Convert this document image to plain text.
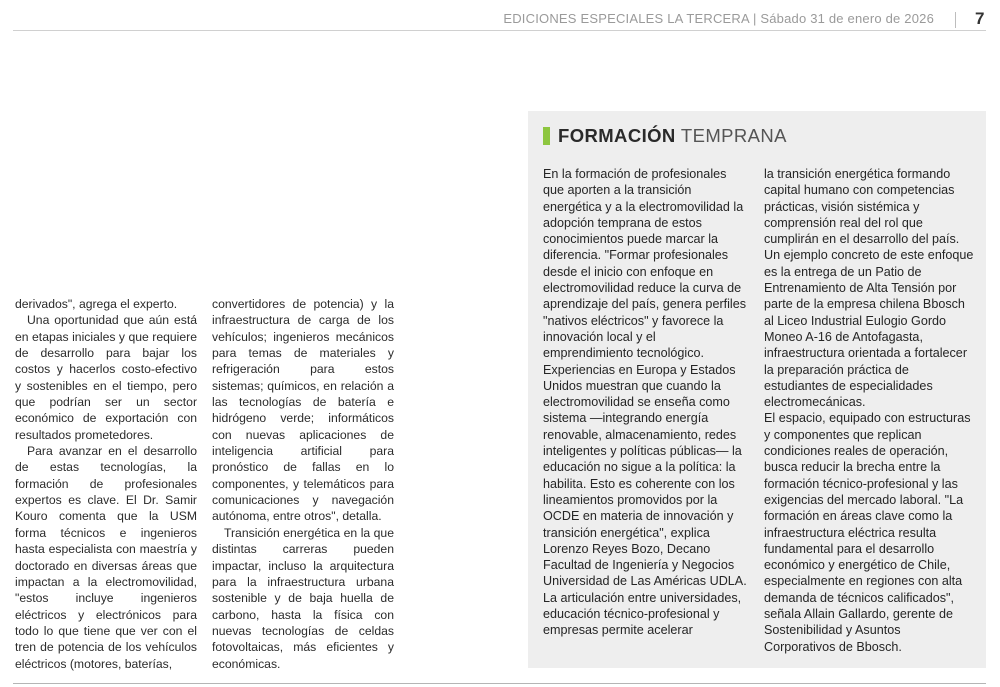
EDICIONES ESPECIALES LA TERCERA | Sábado 31 de enero de 2026 7

derivados", agrega el experto.

Una oportunidad que aún está en etapas iniciales y que requiere de desarrollo para bajar los costos y hacerlos costo-efectivo y sostenibles en el tiempo, pero que podrían ser un sector económico de exportación con resultados prometedores.

Para avanzar en el desarrollo de estas tecnologías, la formación de profesionales expertos es clave. El Dr. Samir Kouro comenta que la USM forma técnicos e ingenieros hasta especialista con maestría y doctorado en diversas áreas que impactan a la electromovilidad, "estos incluye ingenieros eléctricos y electrónicos para todo lo que tiene que ver con el tren de potencia de los vehículos eléctricos (motores, baterías,

convertidores de potencia) y la infraestructura de carga de los vehículos; ingenieros mecánicos para temas de materiales y refrigeración para estos sistemas; químicos, en relación a las tecnologías de batería e hidrógeno verde; informáticos con nuevas aplicaciones de inteligencia artificial para pronóstico de fallas en lo componentes, y telemáticos para comunicaciones y navegación autónoma, entre otros", detalla.

Transición energética en la que distintas carreras pueden impactar, incluso la arquitectura para la infraestructura urbana sostenible y de baja huella de carbono, hasta la física con nuevas tecnologías de celdas fotovoltaicas, más eficientes y económicas.

FORMACIÓN TEMPRANA

En la formación de profesionales que aporten a la transición energética y a la electromovilidad la adopción temprana de estos conocimientos puede marcar la diferencia. "Formar profesionales desde el inicio con enfoque en electromovilidad reduce la curva de aprendizaje del país, genera perfiles "nativos eléctricos" y favorece la innovación local y el emprendimiento tecnológico.

Experiencias en Europa y Estados Unidos muestran que cuando la electromovilidad se enseña como sistema —integrando energía renovable, almacenamiento, redes inteligentes y políticas públicas— la educación no sigue a la política: la habilita. Esto es coherente con los lineamientos promovidos por la OCDE en materia de innovación y transición energética", explica Lorenzo Reyes Bozo, Decano Facultad de Ingeniería y Negocios Universidad de Las Américas UDLA.

La articulación entre universidades, educación técnico-profesional y empresas permite acelerar

la transición energética formando capital humano con competencias prácticas, visión sistémica y comprensión real del rol que cumplirán en el desarrollo del país.

Un ejemplo concreto de este enfoque es la entrega de un Patio de Entrenamiento de Alta Tensión por parte de la empresa chilena Bbosch al Liceo Industrial Eulogio Gordo Moneo A-16 de Antofagasta, infraestructura orientada a fortalecer la preparación práctica de estudiantes de especialidades electromecánicas.

El espacio, equipado con estructuras y componentes que replican condiciones reales de operación, busca reducir la brecha entre la formación técnico-profesional y las exigencias del mercado laboral. "La formación en áreas clave como la infraestructura eléctrica resulta fundamental para el desarrollo económico y energético de Chile, especialmente en regiones con alta demanda de técnicos calificados", señala Allain Gallardo, gerente de Sostenibilidad y Asuntos Corporativos de Bbosch.
